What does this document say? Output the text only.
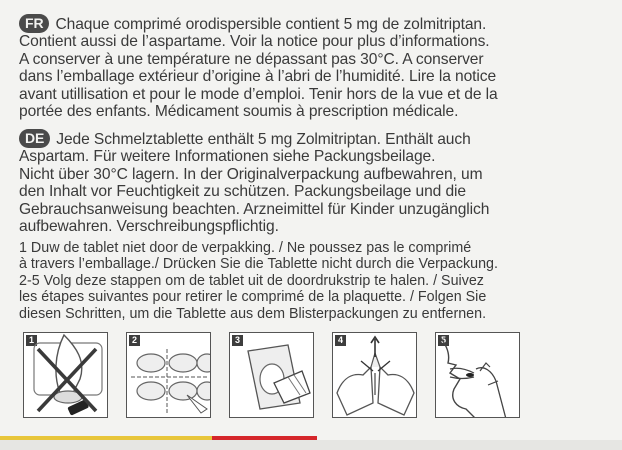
FR Chaque comprimé orodispersible contient 5 mg de zolmitriptan.
Contient aussi de l’aspartame. Voir la notice pour plus d’informations.
A conserver à une température ne dépassant pas 30°C. A conserver
dans l’emballage extérieur d’origine à l’abri de l’humidité. Lire la notice
avant utillisation et pour le mode d’emploi. Tenir hors de la vue et de la
portée des enfants. Médicament soumis à prescription médicale.

DE Jede Schmelztablette enthält 5 mg Zolmitriptan. Enthält auch
Aspartam. Für weitere Informationen siehe Packungsbeilage.
Nicht über 30°C lagern. In der Originalverpackung aufbewahren, um
den Inhalt vor Feuchtigkeit zu schützen. Packungsbeilage und die
Gebrauchsanweisung beachten. Arzneimittel für Kinder unzugänglich
aufbewahren. Verschreibungspflichtig.

1 Duw de tablet niet door de verpakking. / Ne poussez pas le comprimé
à travers l’emballage./ Drücken Sie die Tablette nicht durch die Verpackung.
2-5 Volg deze stappen om de tablet uit de doordrukstrip te halen. / Suivez
les étapes suivantes pour retirer le comprimé de la plaquette. / Folgen Sie
diesen Schritten, um die Tablette aus dem Blisterpackungen zu entfernen.
1	2	3	4	5
